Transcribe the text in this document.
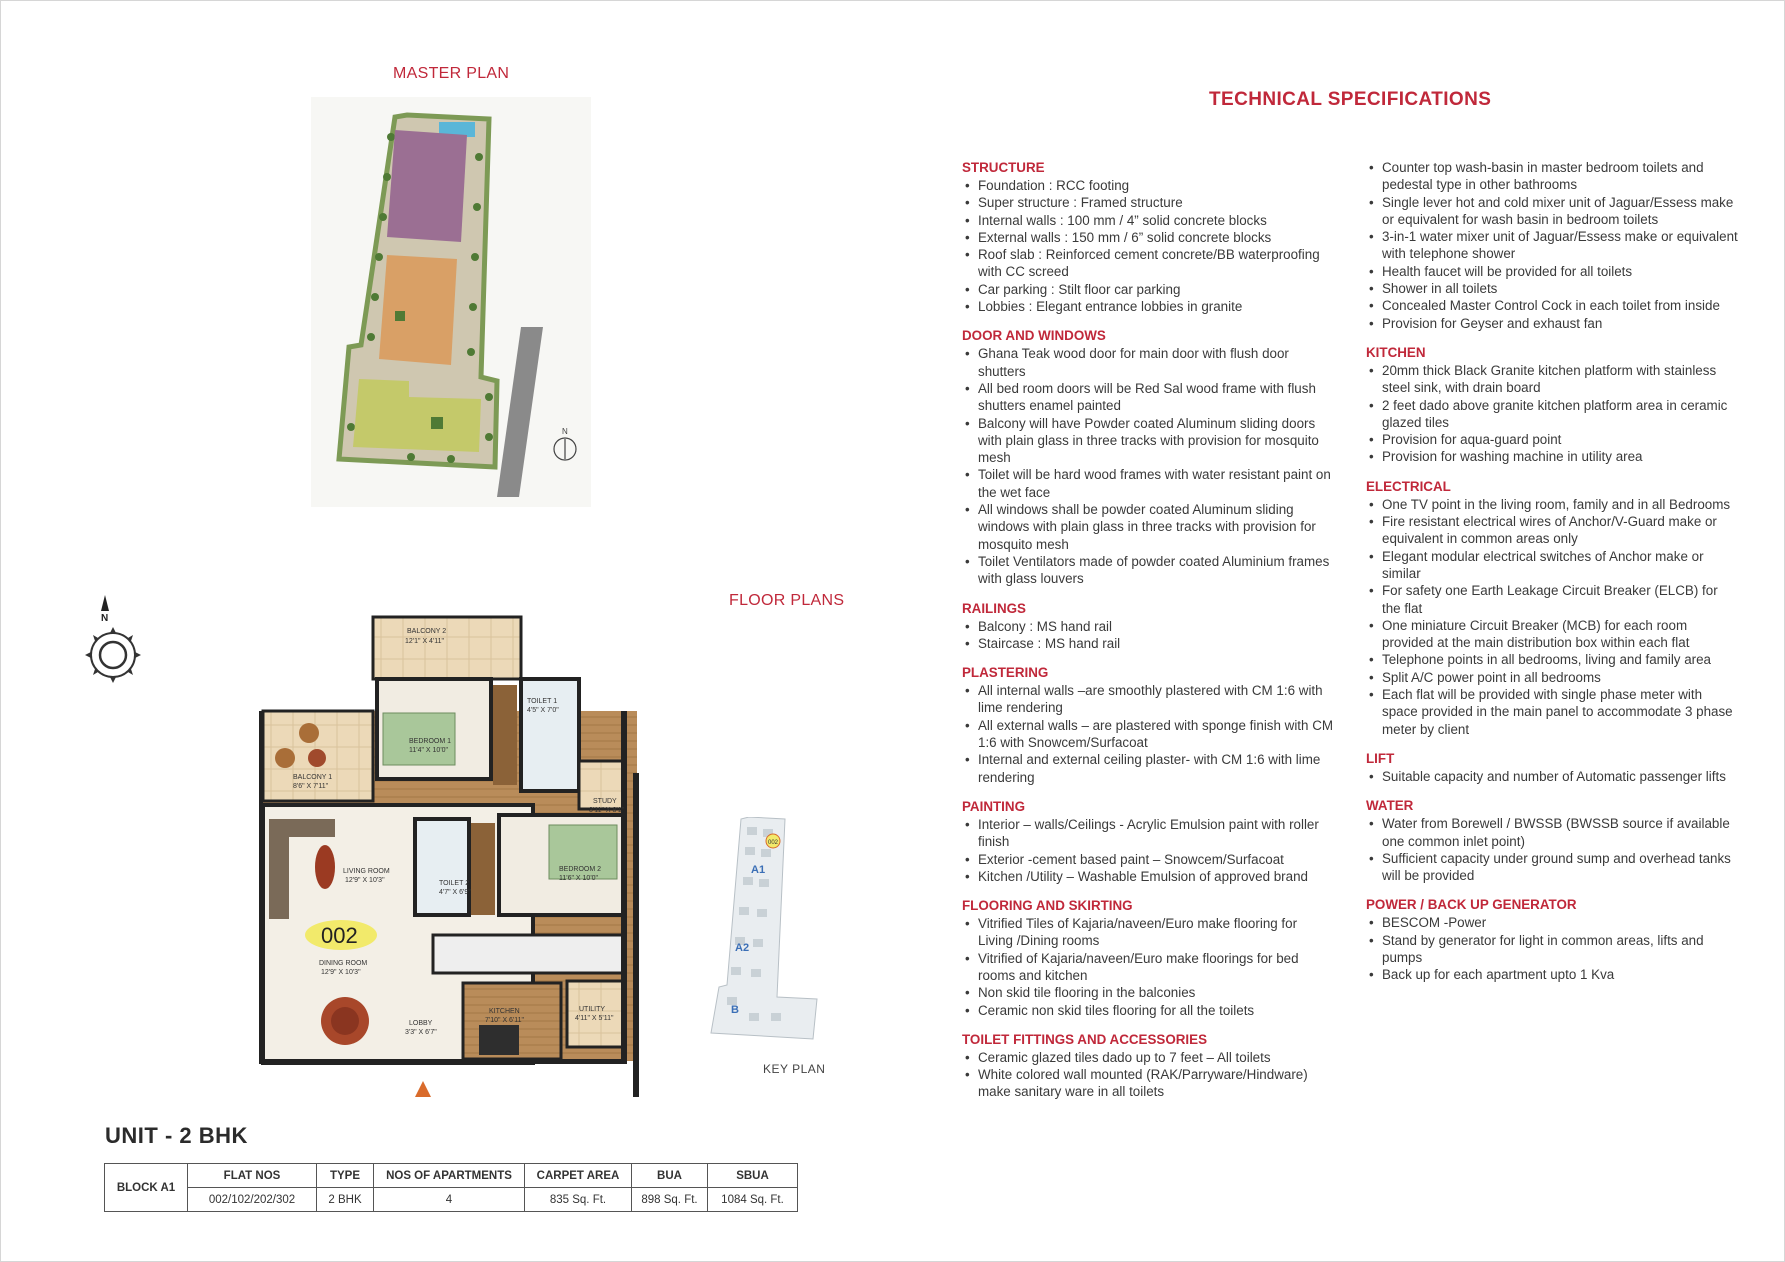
MASTER PLAN
FLOOR PLANS
TECHNICAL SPECIFICATIONS
N
N
002
BALCONY 2
12'1" X 4'11"
TOILET 1
4'5" X 7'0"
BEDROOM 1
11'4" X 10'0"
BALCONY 1
8'6" X 7'11"
STUDY
3'11" X 8'1"
LIVING ROOM
12'9" X 10'3"	TOILET 2
4'7" X 6'9"
BEDROOM 2
11'6" X 10'0"
DINING ROOM
12'9" X 10'3"
LOBBY
3'3" X 6'7"
KITCHEN
7'10" X 6'11"
UTILITY
4'11" X 5'11"
002
A1
A2
B
KEY PLAN
STRUCTURE
• Foundation : RCC footing
• Super structure : Framed structure
• Internal walls : 100 mm / 4” solid concrete blocks
• External walls : 150 mm / 6” solid concrete blocks
• Roof slab : Reinforced cement concrete/BB waterproofing with CC screed
• Car parking : Stilt floor car parking
• Lobbies : Elegant entrance lobbies in granite
DOOR AND WINDOWS
• Ghana Teak wood door for main door with flush door shutters
• All bed room doors will be Red Sal wood frame with flush shutters enamel painted
• Balcony will have Powder coated Aluminum sliding doors with plain glass in three tracks with provision for mosquito mesh
• Toilet will be hard wood frames with water resistant paint on the wet face
• All windows shall be powder coated Aluminum sliding windows with plain glass in three tracks with provision for mosquito mesh
• Toilet Ventilators made of powder coated Aluminium frames with glass louvers
RAILINGS
• Balcony : MS hand rail
• Staircase : MS hand rail
PLASTERING
• All internal walls –are smoothly plastered with CM 1:6 with lime rendering
• All external walls – are plastered with sponge finish with CM 1:6 with Snowcem/Surfacoat
• Internal and external ceiling plaster- with CM 1:6 with lime rendering
PAINTING
• Interior – walls/Ceilings - Acrylic Emulsion paint with roller finish
• Exterior -cement based paint – Snowcem/Surfacoat
• Kitchen /Utility – Washable Emulsion of approved brand
FLOORING AND SKIRTING
• Vitrified Tiles of Kajaria/naveen/Euro make flooring for Living /Dining rooms
• Vitrified of Kajaria/naveen/Euro make floorings for bed rooms and kitchen
• Non skid tile flooring in the balconies
• Ceramic non skid tiles flooring for all the toilets
TOILET FITTINGS AND ACCESSORIES
• Ceramic glazed tiles dado up to 7 feet – All toilets
• White colored wall mounted (RAK/Parryware/Hindware) make sanitary ware in all toilets
• Counter top wash-basin in master bedroom toilets and pedestal type in other bathrooms
• Single lever hot and cold mixer unit of Jaguar/Essess make or equivalent for wash basin in bedroom toilets
• 3-in-1 water mixer unit of Jaguar/Essess make or equivalent with telephone shower
• Health faucet will be provided for all toilets
• Shower in all toilets
• Concealed Master Control Cock in each toilet from inside
• Provision for Geyser and exhaust fan
KITCHEN
• 20mm thick Black Granite kitchen platform with stainless steel sink, with drain board
• 2 feet dado above granite kitchen platform area in ceramic glazed tiles
• Provision for aqua-guard point
• Provision for washing machine in utility area
ELECTRICAL
• One TV point in the living room, family and in all Bedrooms
• Fire resistant electrical wires of Anchor/V-Guard make or equivalent in common areas only
• Elegant modular electrical switches of Anchor make or similar
• For safety one Earth Leakage Circuit Breaker (ELCB) for the flat
• One miniature Circuit Breaker (MCB) for each room provided at the main distribution box within each flat
• Telephone points in all bedrooms, living and family area
• Split A/C power point in all bedrooms
• Each flat will be provided with single phase meter with space provided in the main panel to accommodate 3 phase meter by client
LIFT
• Suitable capacity and number of Automatic passenger lifts
WATER
• Water from Borewell / BWSSB (BWSSB source if available one common inlet point)
• Sufficient capacity under ground sump and overhead tanks will be provided
POWER / BACK UP GENERATOR
• BESCOM -Power
• Stand by generator for light in common areas, lifts and pumps
• Back up for each apartment upto 1 Kva
UNIT - 2 BHK
BLOCK A1	FLAT NOS	TYPE	NOS OF APARTMENTS	CARPET AREA	BUA	SBUA
	002/102/202/302	2 BHK	4	835 Sq. Ft.	898 Sq. Ft.	1084 Sq. Ft.
